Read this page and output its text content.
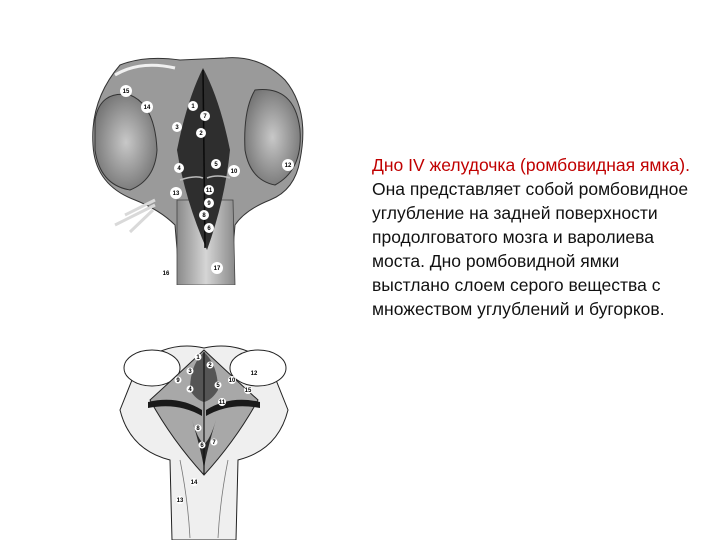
1
2
3
4
5
6
7
8
9
10
11
12
13
14
15
16
17
1
2
3
4
5
6 7
8
9	10
11
12
13
14
15
Дно IV желудочка (ромбовидная ямка).
Она представляет собой ромбовидное углубление на задней поверхности продолговатого мозга и варолиева моста. Дно ромбовидной ямки выстлано слоем серого вещества с множеством углублений и бугорков.
